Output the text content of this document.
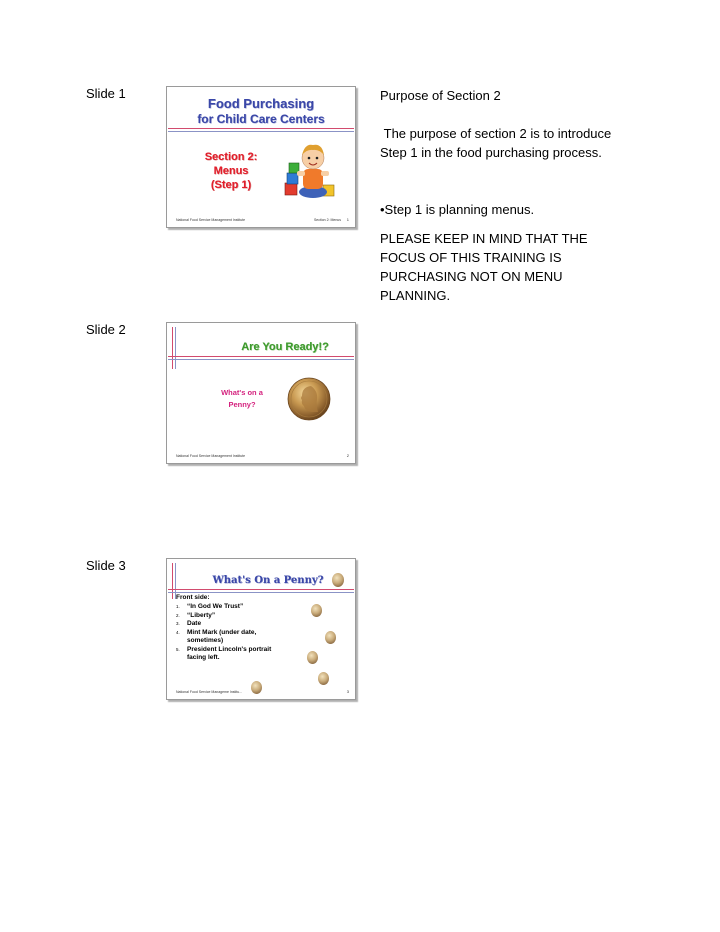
Slide 1
Food Purchasing
for Child Care Centers
Section 2:
Menus
(Step 1)
National Food Service Management Institute	Section 2: Menus 1
Purpose of Section 2
The purpose of section 2 is to introduce Step 1 in the food purchasing process.
•Step 1 is planning menus.
PLEASE KEEP IN MIND THAT THE FOCUS OF THIS TRAINING IS PURCHASING NOT ON MENU PLANNING.
Slide 2
Are You Ready!?
What's on a
Penny?
National Food Service Management Institute	2
Slide 3
What's On a Penny?
Front side:
1. “In God We Trust”
2. “Liberty”
3. Date
4. Mint Mark (under date, sometimes)
5. President Lincoln's portrait facing left.
National Food Service Manageme Institu...	3
